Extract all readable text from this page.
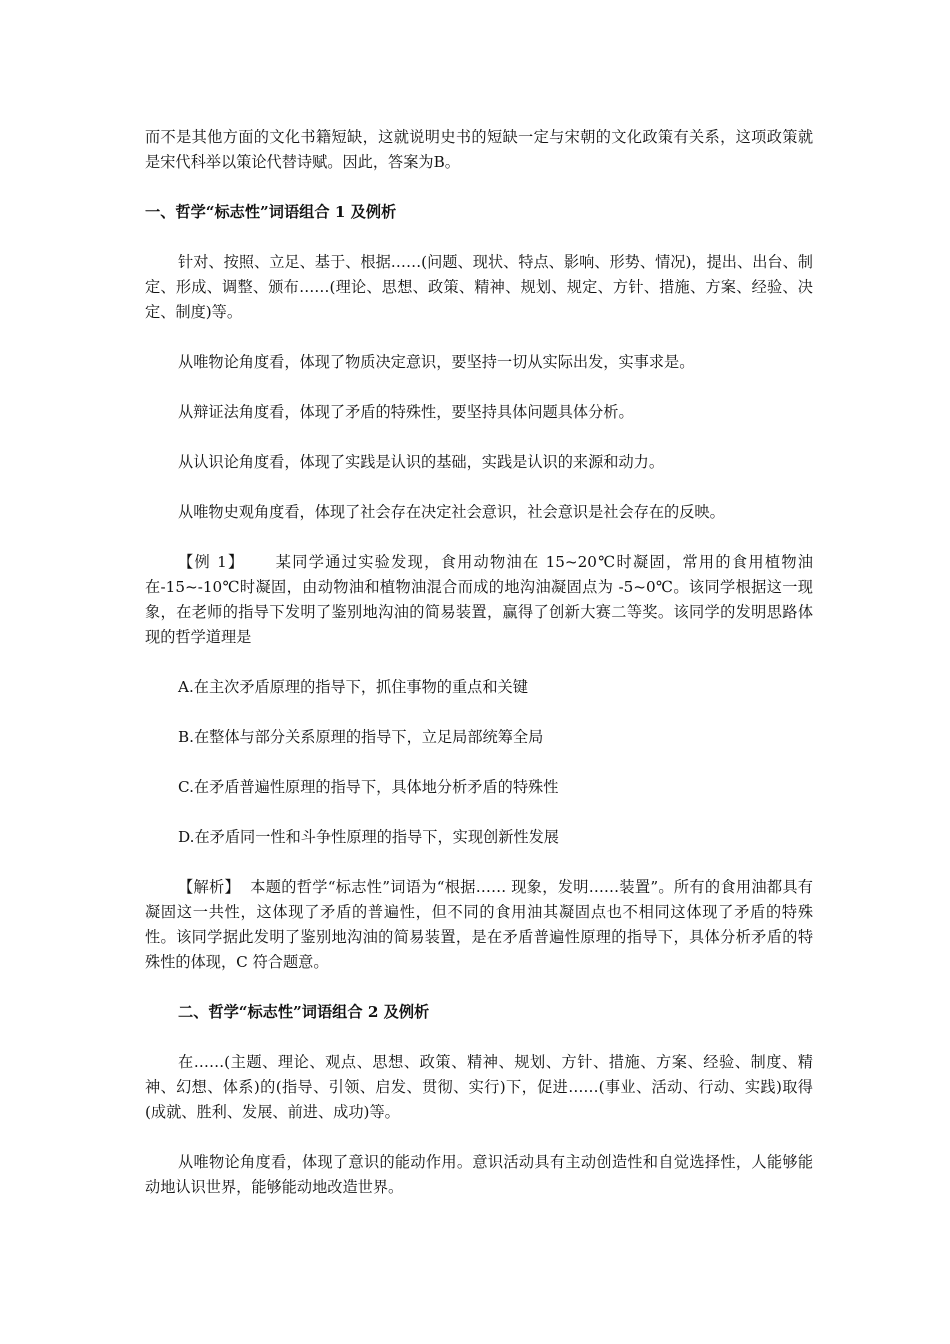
而不是其他方面的文化书籍短缺，这就说明史书的短缺一定与宋朝的文化政策有关系，这项政策就是宋代科举以策论代替诗赋。因此，答案为B。

一、哲学“标志性”词语组合 1 及例析

针对、按照、立足、基于、根据……(问题、现状、特点、影响、形势、情况)，提出、出台、制定、形成、调整、颁布……(理论、思想、政策、精神、规划、规定、方针、措施、方案、经验、决定、制度)等。

从唯物论角度看，体现了物质决定意识，要坚持一切从实际出发，实事求是。

从辩证法角度看，体现了矛盾的特殊性，要坚持具体问题具体分析。

从认识论角度看，体现了实践是认识的基础，实践是认识的来源和动力。

从唯物史观角度看，体现了社会存在决定社会意识，社会意识是社会存在的反映。

【例 1】 某同学通过实验发现，食用动物油在 15~20℃时凝固，常用的食用植物油在-15~-10℃时凝固，由动物油和植物油混合而成的地沟油凝固点为 -5~0℃。该同学根据这一现象，在老师的指导下发明了鉴别地沟油的简易装置，赢得了创新大赛二等奖。该同学的发明思路体现的哲学道理是

A.在主次矛盾原理的指导下，抓住事物的重点和关键

B.在整体与部分关系原理的指导下，立足局部统筹全局

C.在矛盾普遍性原理的指导下，具体地分析矛盾的特殊性

D.在矛盾同一性和斗争性原理的指导下，实现创新性发展

【解析】 本题的哲学“标志性”词语为“根据…… 现象，发明……装置”。所有的食用油都具有凝固这一共性，这体现了矛盾的普遍性，但不同的食用油其凝固点也不相同这体现了矛盾的特殊性。该同学据此发明了鉴别地沟油的简易装置，是在矛盾普遍性原理的指导下，具体分析矛盾的特殊性的体现，C 符合题意。

二、哲学“标志性”词语组合 2 及例析

在……(主题、理论、观点、思想、政策、精神、规划、方针、措施、方案、经验、制度、精神、幻想、体系)的(指导、引领、启发、贯彻、实行)下，促进……(事业、活动、行动、实践)取得(成就、胜利、发展、前进、成功)等。

从唯物论角度看，体现了意识的能动作用。意识活动具有主动创造性和自觉选择性，人能够能动地认识世界，能够能动地改造世界。
